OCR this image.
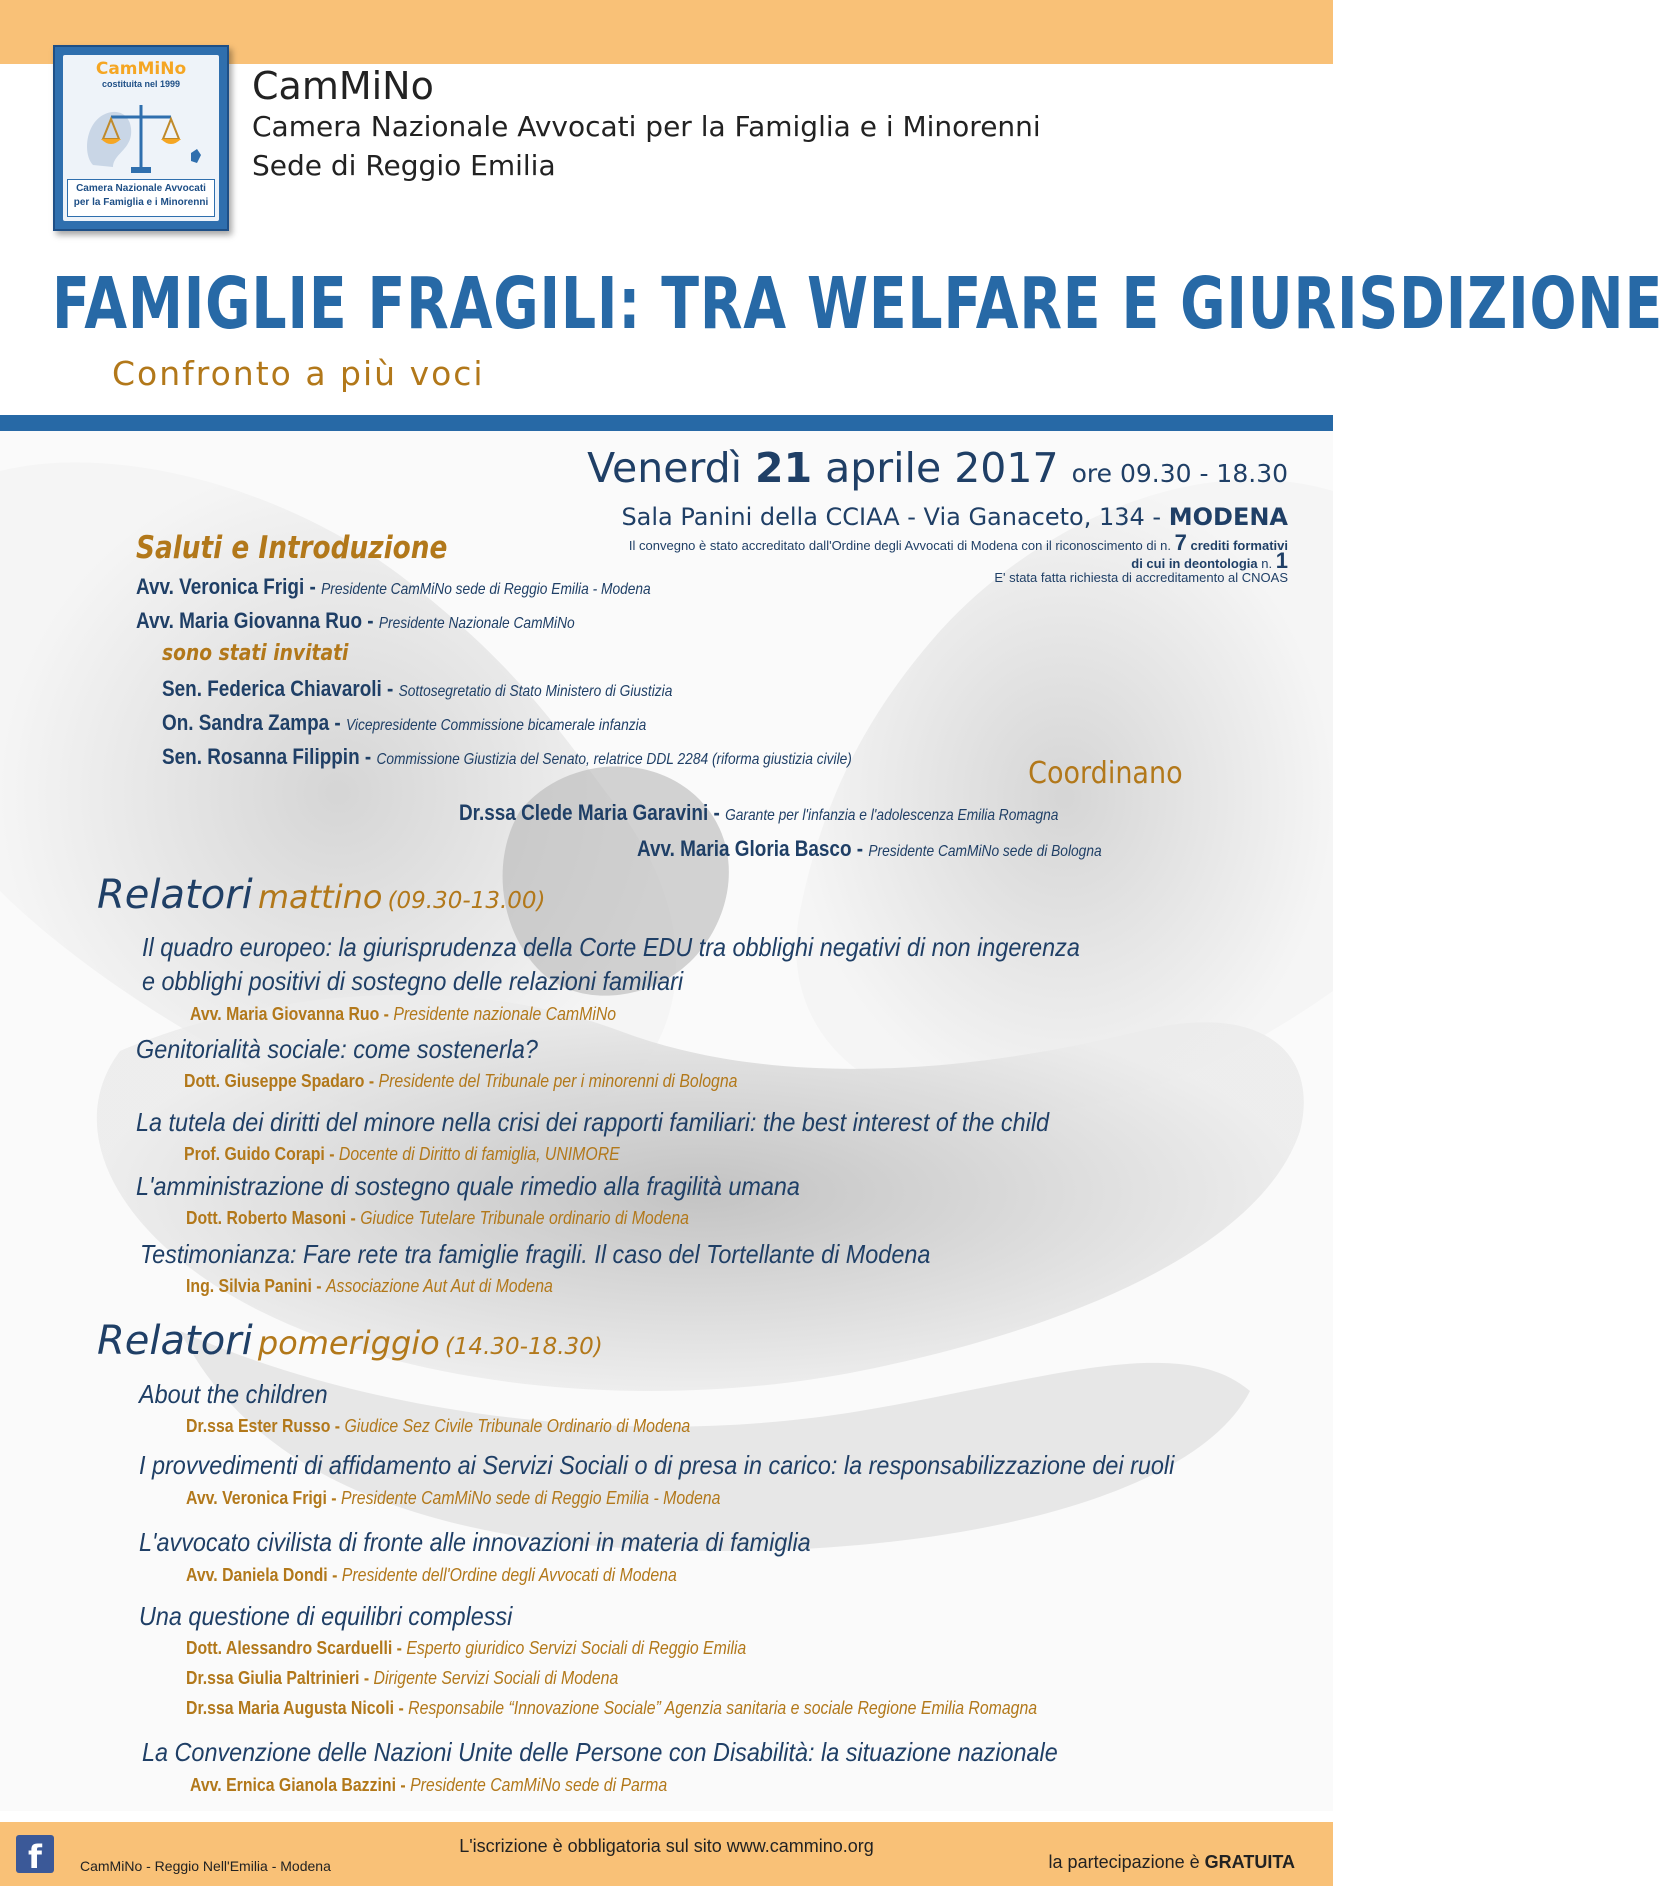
CamMiNo
costituita nel 1999
Camera Nazionale Avvocati
per la Famiglia e i Minorenni
CamMiNo
Camera Nazionale Avvocati per la Famiglia e i Minorenni
Sede di Reggio Emilia
FAMIGLIE FRAGILI: TRA WELFARE E GIURISDIZIONE
Confronto a più voci
Venerdì 21 aprile 2017 ore 09.30 - 18.30
Sala Panini della CCIAA - Via Ganaceto, 134 - MODENA
Il convegno è stato accreditato dall'Ordine degli Avvocati di Modena con il riconoscimento di n. 7 crediti formativi
di cui in deontologia n. 1
E' stata fatta richiesta di accreditamento al CNOAS
Saluti e Introduzione
Avv. Veronica Frigi - Presidente CamMiNo sede di Reggio Emilia - Modena
Avv. Maria Giovanna Ruo - Presidente Nazionale CamMiNo
sono stati invitati
Sen. Federica Chiavaroli - Sottosegretatio di Stato Ministero di Giustizia
On. Sandra Zampa - Vicepresidente Commissione bicamerale infanzia
Sen. Rosanna Filippin - Commissione Giustizia del Senato, relatrice DDL 2284 (riforma giustizia civile)	Coordinano
Dr.ssa Clede Maria Garavini - Garante per l'infanzia e l'adolescenza Emilia Romagna
Avv. Maria Gloria Basco - Presidente CamMiNo sede di Bologna
Relatori mattino (09.30-13.00)
Il quadro europeo: la giurisprudenza della Corte EDU tra obblighi negativi di non ingerenza
e obblighi positivi di sostegno delle relazioni familiari
Avv. Maria Giovanna Ruo - Presidente nazionale CamMiNo
Genitorialità sociale: come sostenerla?
Dott. Giuseppe Spadaro - Presidente del Tribunale per i minorenni di Bologna
La tutela dei diritti del minore nella crisi dei rapporti familiari: the best interest of the child
Prof. Guido Corapi - Docente di Diritto di famiglia, UNIMORE
L'amministrazione di sostegno quale rimedio alla fragilità umana
Dott. Roberto Masoni - Giudice Tutelare Tribunale ordinario di Modena
Testimonianza: Fare rete tra famiglie fragili. Il caso del Tortellante di Modena
Ing. Silvia Panini - Associazione Aut Aut di Modena
Relatori pomeriggio (14.30-18.30)
About the children
Dr.ssa Ester Russo - Giudice Sez Civile Tribunale Ordinario di Modena
I provvedimenti di affidamento ai Servizi Sociali o di presa in carico: la responsabilizzazione dei ruoli
Avv. Veronica Frigi - Presidente CamMiNo sede di Reggio Emilia - Modena
L'avvocato civilista di fronte alle innovazioni in materia di famiglia
Avv. Daniela Dondi - Presidente dell'Ordine degli Avvocati di Modena
Una questione di equilibri complessi
Dott. Alessandro Scarduelli - Esperto giuridico Servizi Sociali di Reggio Emilia
Dr.ssa Giulia Paltrinieri - Dirigente Servizi Sociali di Modena
Dr.ssa Maria Augusta Nicoli - Responsabile “Innovazione Sociale” Agenzia sanitaria e sociale Regione Emilia Romagna
La Convenzione delle Nazioni Unite delle Persone con Disabilità: la situazione nazionale
Avv. Ernica Gianola Bazzini - Presidente CamMiNo sede di Parma
f	CamMiNo - Reggio Nell'Emilia - Modena
L'iscrizione è obbligatoria sul sito www.cammino.org
la partecipazione è GRATUITA
